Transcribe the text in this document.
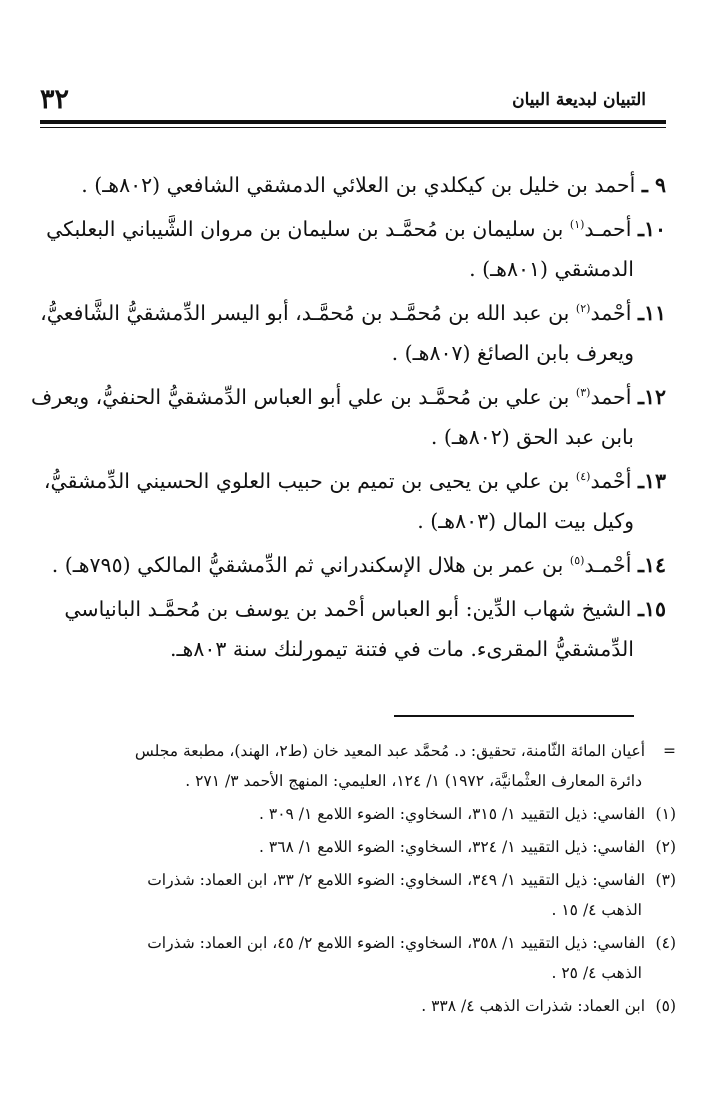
٣٢	التبيان لبديعة البيان

٩ ـ أحمد بن خليل بن كيكلدي بن العلائي الدمشقي الشافعي (٨٠٢هـ) .

١٠ـ أحمـد$^{(١)}$ بن سليمان بن مُحمَّـد بن سليمان بن مروان الشَّيباني البعلبكي
الدمشقي (٨٠١هـ) .

١١ـ أحْمد$^{(٢)}$ بن عبد الله بن مُحمَّـد بن مُحمَّـد، أبو اليسر الدِّمشقيُّ الشَّافعيُّ،
ويعرف بابن الصائغ (٨٠٧هـ) .

١٢ـ أحمد$^{(٣)}$ بن علي بن مُحمَّـد بن علي أبو العباس الدِّمشقيُّ الحنفيُّ، ويعرف
بابن عبد الحق (٨٠٢هـ) .

١٣ـ أحْمد$^{(٤)}$ بن علي بن يحيى بن تميم بن حبيب العلوي الحسيني الدِّمشقيُّ،
وكيل بيت المال (٨٠٣هـ) .

١٤ـ أحْمـد$^{(٥)}$ بن عمر بن هلال الإسكندراني ثم الدِّمشقيُّ المالكي (٧٩٥هـ) .

١٥ـ الشيخ شهاب الدِّين: أبو العباس أحْمد بن يوسف بن مُحمَّـد البانياسي
الدِّمشقيُّ المقرىء. مات في فتنة تيمورلنك سنة ٨٠٣هـ.

= أعيان المائة الثّامنة، تحقيق: د. مُحمَّد عبد المعيد خان (ط٢، الهند)، مطبعة مجلس
دائرة المعارف العثْمانيَّة، ١٩٧٢) ١/ ١٢٤، العليمي: المنهج الأحمد ٣/ ٢٧١ .
(١) الفاسي: ذيل التقييد ١/ ٣١٥، السخاوي: الضوء اللامع ١/ ٣٠٩ .
(٢) الفاسي: ذيل التقييد ١/ ٣٢٤، السخاوي: الضوء اللامع ١/ ٣٦٨ .
(٣) الفاسي: ذيل التقييد ١/ ٣٤٩، السخاوي: الضوء اللامع ٢/ ٣٣، ابن العماد: شذرات
الذهب ٤/ ١٥ .
(٤) الفاسي: ذيل التقييد ١/ ٣٥٨، السخاوي: الضوء اللامع ٢/ ٤٥، ابن العماد: شذرات
الذهب ٤/ ٢٥ .
(٥) ابن العماد: شذرات الذهب ٤/ ٣٣٨ .
